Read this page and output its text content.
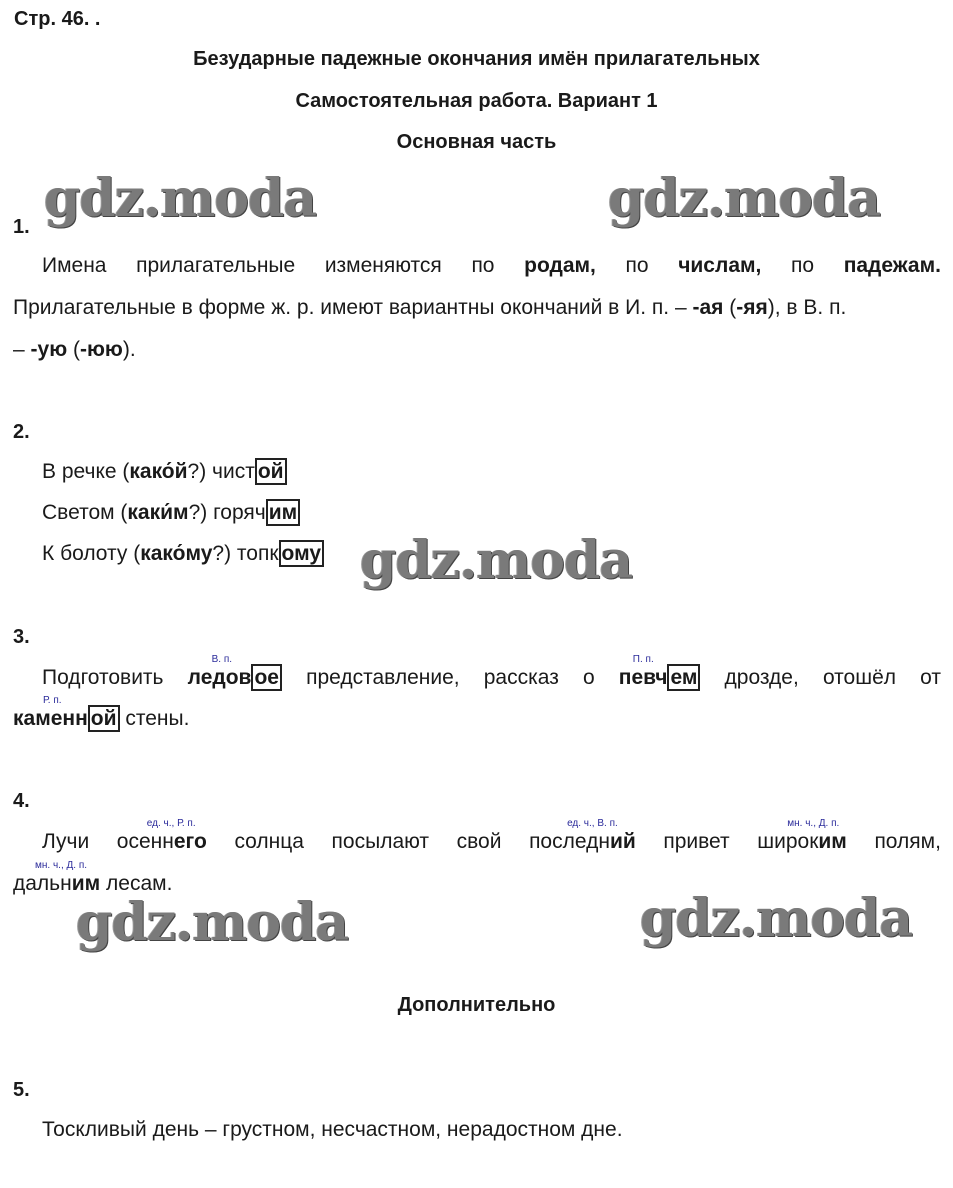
Стр. 46. .
Безударные падежные окончания имён прилагательных
Самостоятельная работа. Вариант 1
Основная часть
gdz.moda	gdz.moda
gdz.moda
gdz.moda	gdz.moda
1.
Имена прилагательные изменяются по родам, по числам, по падежам.
Прилагательные в форме ж. р. имеют вариантны окончаний в И. п. – -ая (-яя), в В. п.
– -ую (-юю).
2.
В речке (како́й?) чист ой
Светом (каки́м?) горяч им
К болоту (како́му?) топк ому
3.
Подготовить
В. п.
ледов ое представление, рассказ о
П. п.
певч ем дрозде, отошёл от
Р. п.
каменн ой стены.
4.
Лучи
ед. ч., Р. п.
осеннего солнца посылают свой
ед. ч., В. п.
последний привет
мн. ч., Д. п.
широким полям,
мн. ч., Д. п.
дальним лесам.
Дополнительно
5.
Тоскливый день – грустном, несчастном, нерадостном дне.
